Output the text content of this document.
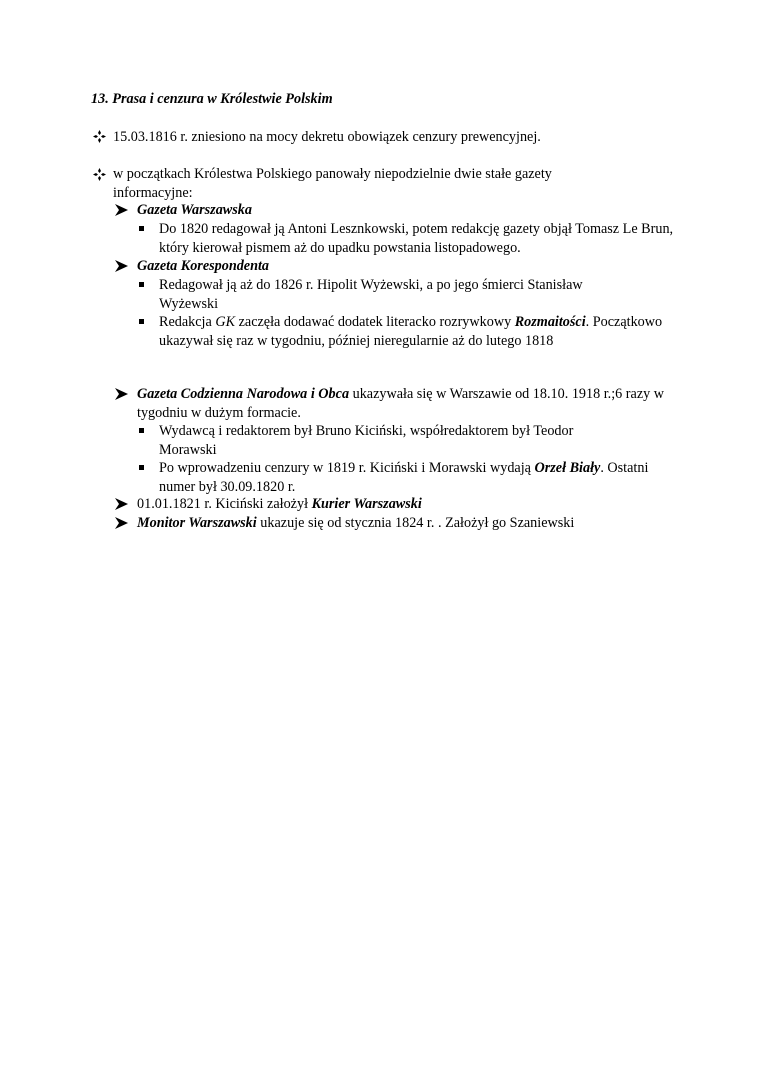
13. Prasa i cenzura w Królestwie Polskim
15.03.1816 r. zniesiono na mocy dekretu obowiązek cenzury prewencyjnej.
w początkach Królestwa Polskiego panowały niepodzielnie dwie stałe gazety informacyjne:
Gazeta Warszawska
Do 1820 redagował ją Antoni Lesznkowski, potem redakcję gazety objął Tomasz Le Brun, który kierował pismem aż do upadku powstania listopadowego.
Gazeta Korespondenta
Redagował ją aż do 1826 r. Hipolit Wyżewski, a po jego śmierci Stanisław Wyżewski
Redakcja GK zaczęła dodawać dodatek literacko rozrywkowy Rozmaitości. Początkowo ukazywał się raz w tygodniu, później nieregularnie aż do lutego 1818
Gazeta Codzienna Narodowa i Obca ukazywała się w Warszawie od 18.10. 1918 r.;6 razy w tygodniu w dużym formacie.
Wydawcą i redaktorem był Bruno Kiciński, współredaktorem był Teodor Morawski
Po wprowadzeniu cenzury w 1819 r. Kiciński i Morawski wydają Orzeł Biały. Ostatni numer był 30.09.1820 r.
01.01.1821 r. Kiciński założył Kurier Warszawski
Monitor Warszawski ukazuje się od stycznia 1824 r. . Założył go Szaniewski
